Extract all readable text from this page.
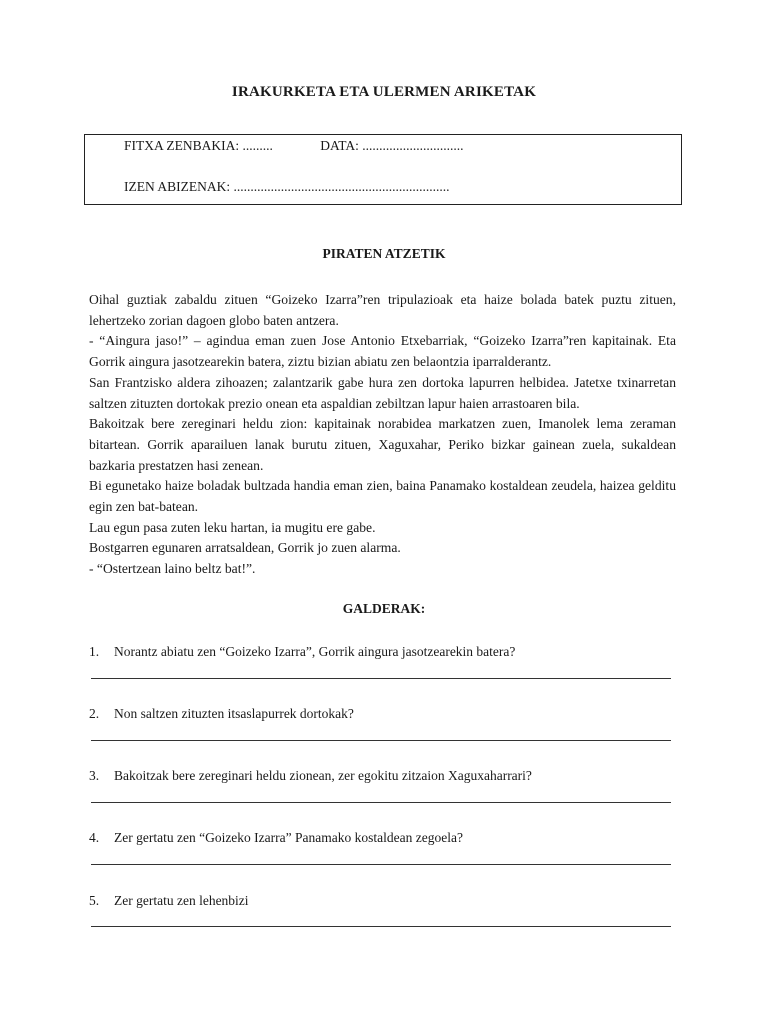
IRAKURKETA ETA ULERMEN ARIKETAK
FITXA ZENBAKIA: .........	DATA: ..............................
IZEN ABIZENAK: ................................................................
PIRATEN ATZETIK

Oihal guztiak zabaldu zituen “Goizeko Izarra”ren tripulazioak eta haize bolada batek puztu zituen, lehertzeko zorian dagoen globo baten antzera.

- “Aingura jaso!” – agindua eman zuen Jose Antonio Etxebarriak, “Goizeko Izarra”ren kapitainak. Eta Gorrik aingura jasotzearekin batera, ziztu bizian abiatu zen belaontzia iparralderantz.

San Frantzisko aldera zihoazen; zalantzarik gabe hura zen dortoka lapurren helbidea. Jatetxe txinarretan saltzen zituzten dortokak prezio onean eta aspaldian zebiltzan lapur haien arrastoaren bila.

Bakoitzak bere zereginari heldu zion: kapitainak norabidea markatzen zuen, Imanolek lema zeraman bitartean. Gorrik aparailuen lanak burutu zituen, Xaguxahar, Periko bizkar gainean zuela, sukaldean bazkaria prestatzen hasi zenean.

Bi egunetako haize boladak bultzada handia eman zien, baina Panamako kostaldean zeudela, haizea gelditu egin zen bat-batean.

Lau egun pasa zuten leku hartan, ia mugitu ere gabe.

Bostgarren egunaren arratsaldean, Gorrik jo zuen alarma.

- “Ostertzean laino beltz bat!”.

GALDERAK:
1. Norantz abiatu zen “Goizeko Izarra”, Gorrik aingura jasotzearekin batera?
2. Non saltzen zituzten itsaslapurrek dortokak?
3. Bakoitzak bere zereginari heldu zionean, zer egokitu zitzaion Xaguxaharrari?
4. Zer gertatu zen “Goizeko Izarra” Panamako kostaldean zegoela?
5. Zer gertatu zen lehenbizi
